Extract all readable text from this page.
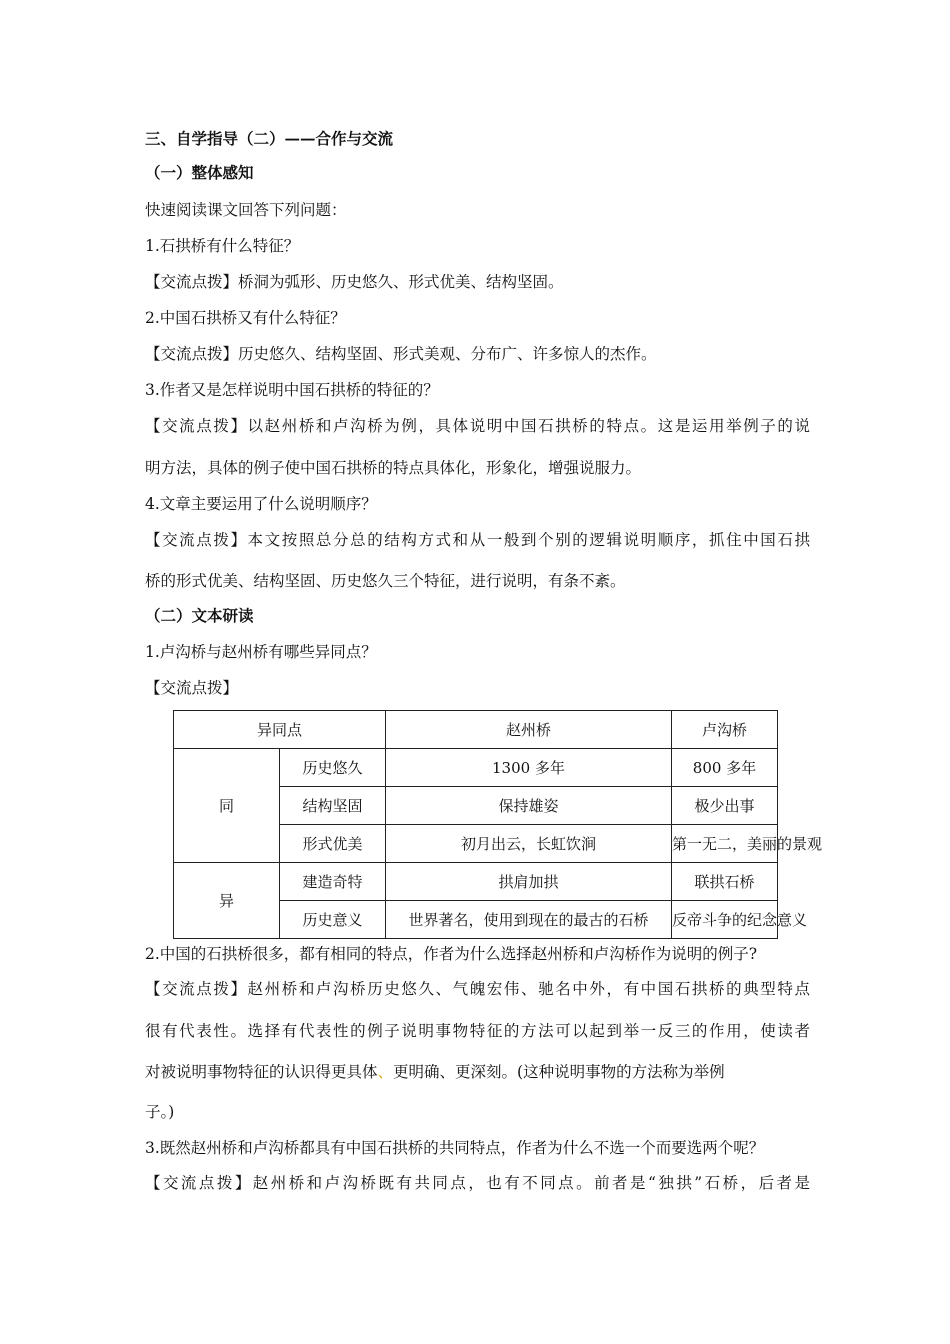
三、自学指导（二）——合作与交流
（一）整体感知
快速阅读课文回答下列问题：
1.石拱桥有什么特征？
【交流点拨】桥洞为弧形、历史悠久、形式优美、结构坚固。
2.中国石拱桥又有什么特征？
【交流点拨】历史悠久、结构坚固、形式美观、分布广、许多惊人的杰作。
3.作者又是怎样说明中国石拱桥的特征的？
【交流点拨】以赵州桥和卢沟桥为例，具体说明中国石拱桥的特点。这是运用举例子的说
明方法，具体的例子使中国石拱桥的特点具体化，形象化，增强说服力。
4.文章主要运用了什么说明顺序？
【交流点拨】本文按照总分总的结构方式和从一般到个别的逻辑说明顺序，抓住中国石拱
桥的形式优美、结构坚固、历史悠久三个特征，进行说明，有条不紊。
（二）文本研读
1.卢沟桥与赵州桥有哪些异同点？
【交流点拨】
异同点		赵州桥	卢沟桥
同	历史悠久	1300 多年	800 多年
	结构坚固	保持雄姿	极少出事
	形式优美	初月出云，长虹饮涧	第一无二，美丽的景观
异	建造奇特	拱肩加拱	联拱石桥
	历史意义	世界著名，使用到现在的最古的石桥	反帝斗争的纪念意义
2.中国的石拱桥很多，都有相同的特点，作者为什么选择赵州桥和卢沟桥作为说明的例子?
【交流点拨】赵州桥和卢沟桥历史悠久、气魄宏伟、驰名中外，有中国石拱桥的典型特点
很有代表性。选择有代表性的例子说明事物特征的方法可以起到举一反三的作用，使读者
对被说明事物特征的认识得更具体、更明确、更深刻。(这种说明事物的方法称为举例
子。)
3.既然赵州桥和卢沟桥都具有中国石拱桥的共同特点，作者为什么不选一个而要选两个呢？
【交流点拨】赵州桥和卢沟桥既有共同点，也有不同点。前者是“独拱”石桥，后者是
